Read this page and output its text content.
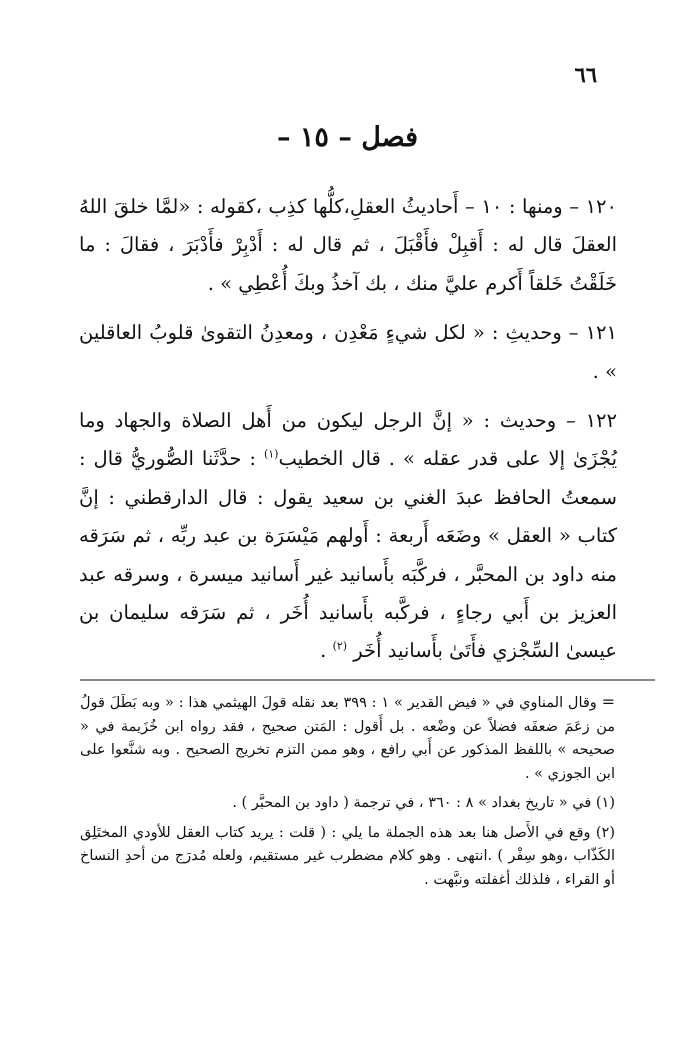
٦٦
فصل – ١٥ –

١٢٠ – ومنها : ١٠ – أَحاديثُ العقلِ،كلُّها كذِب ،كقوله : «لمَّا خلقَ اللهُ العقلَ قال له : أَقبِلْ فأَقْبَلَ ، ثم قال له : أَدْبِرْ فأَدْبَرَ ، فقالَ : ما خَلَقْتُ خَلقاً أَكرم عليَّ منك ، بك آخذُ وبكَ أُعْطِي » .

١٢١ – وحديثِ : « لكل شيءٍ مَعْدِن ، ومعدِنُ التقوىٰ قلوبُ العاقلين » .

١٢٢ – وحديث : « إنَّ الرجل ليكون من أَهل الصلاة والجهاد وما يُجْزَىٰ إلا على قدر عقله » . قال الخطيب$^{(١)}$ : حدَّثَنا الصُّوريُّ قال : سمعتُ الحافظ عبدَ الغني بن سعيد يقول : قال الدارقطني : إنَّ كتاب « العقل » وضَعَه أَربعة : أَولهم مَيْسَرَة بن عبد ربِّه ، ثم سَرَقه منه داود بن المحبَّر ، فركَّبَه بأَسانيد غير أَسانيد ميسرة ، وسرقه عبد العزيز بن أَبي رجاءٍ ، فركَّبه بأَسانيد أُخَر ، ثم سَرَقه سليمان بن عيسىٰ السِّجْزي فأَتَىٰ بأَسانيد أُخَر $^{(٢)}$ .

= وقال المناوي في « فيض القدير » ١ : ٣٩٩ بعد نقله قولَ الهيثمي هذا : « وبه بَطَلَ قولُ من زعَمَ ضعفَه فضلاً عن وضْعه . بل أَقول : المَتن صحيح ، فقد رواه ابن خُزَيمة في « صحيحه » باللفظ المذكور عن أَبي رافع ، وهو ممن التزم تخريج الصحيح . وبه شنَّعوا على ابن الجوزي » .

(١) في « تاريخ بغداد » ٨ : ٣٦٠ ، في ترجمة ( داود بن المحبَّر ) .

(٢) وقع في الأَصل هنا بعد هذه الجملة ما يلي : ( قلت : يريد كتاب العقل للأودي المختَلِق الكَذّاب ،وهو سِفْر ) .انتهى . وهو كلام مضطرب غير مستقيم، ولعله مُدرَج من أحدِ النساخ أو القراء ، فلذلك أغفلته ونبَّهت .
